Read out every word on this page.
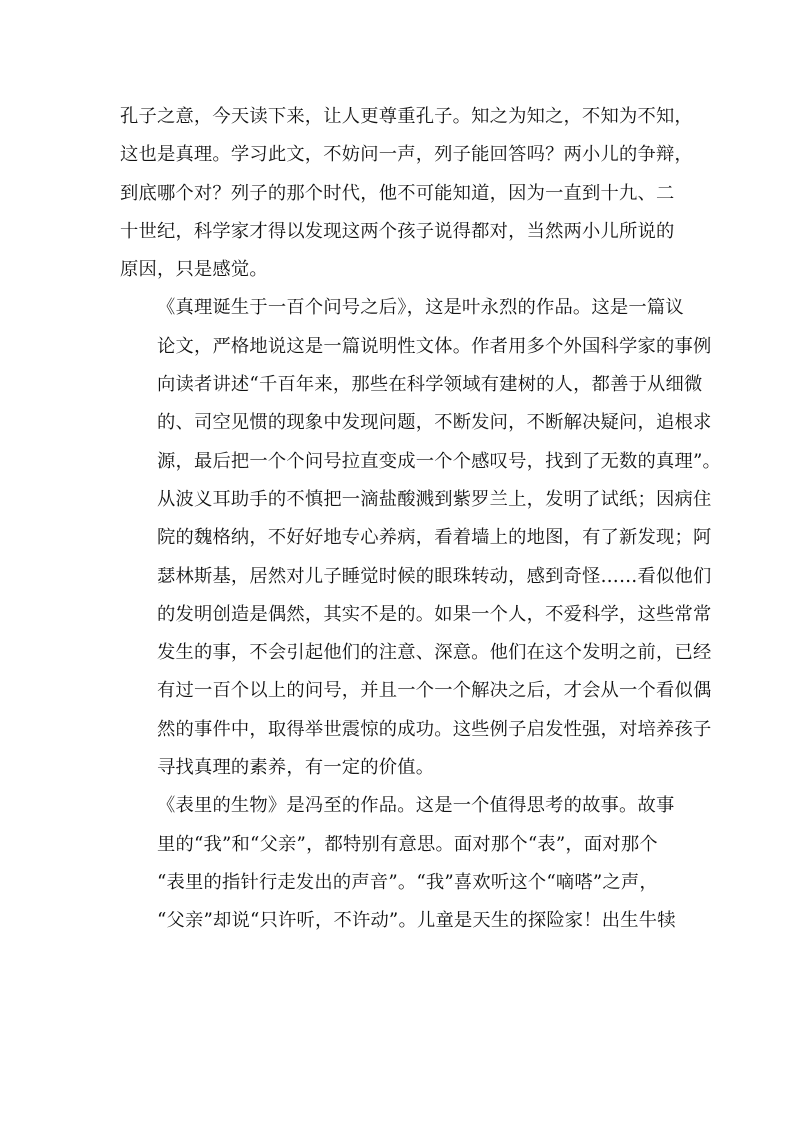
孔子之意，今天读下来，让人更尊重孔子。知之为知之，不知为不知，
这也是真理。学习此文，不妨问一声，列子能回答吗？两小儿的争辩，
到底哪个对？列子的那个时代，他不可能知道，因为一直到十九、二
十世纪，科学家才得以发现这两个孩子说得都对，当然两小儿所说的
原因，只是感觉。

《真理诞生于一百个问号之后》，这是叶永烈的作品。这是一篇议
论文，严格地说这是一篇说明性文体。作者用多个外国科学家的事例
向读者讲述“千百年来，那些在科学领域有建树的人，都善于从细微
的、司空见惯的现象中发现问题，不断发问，不断解决疑问，追根求
源，最后把一个个问号拉直变成一个个感叹号，找到了无数的真理”。
从波义耳助手的不慎把一滴盐酸溅到紫罗兰上，发明了试纸；因病住
院的魏格纳，不好好地专心养病，看着墙上的地图，有了新发现；阿
瑟林斯基，居然对儿子睡觉时候的眼珠转动，感到奇怪……看似他们
的发明创造是偶然，其实不是的。如果一个人，不爱科学，这些常常
发生的事，不会引起他们的注意、深意。他们在这个发明之前，已经
有过一百个以上的问号，并且一个一个解决之后，才会从一个看似偶
然的事件中，取得举世震惊的成功。这些例子启发性强，对培养孩子
寻找真理的素养，有一定的价值。

《表里的生物》是冯至的作品。这是一个值得思考的故事。故事
里的“我”和“父亲”，都特别有意思。面对那个“表”，面对那个
“表里的指针行走发出的声音”。“我”喜欢听这个“嘀嗒”之声，
“父亲”却说“只许听，不许动”。儿童是天生的探险家！出生牛犊
